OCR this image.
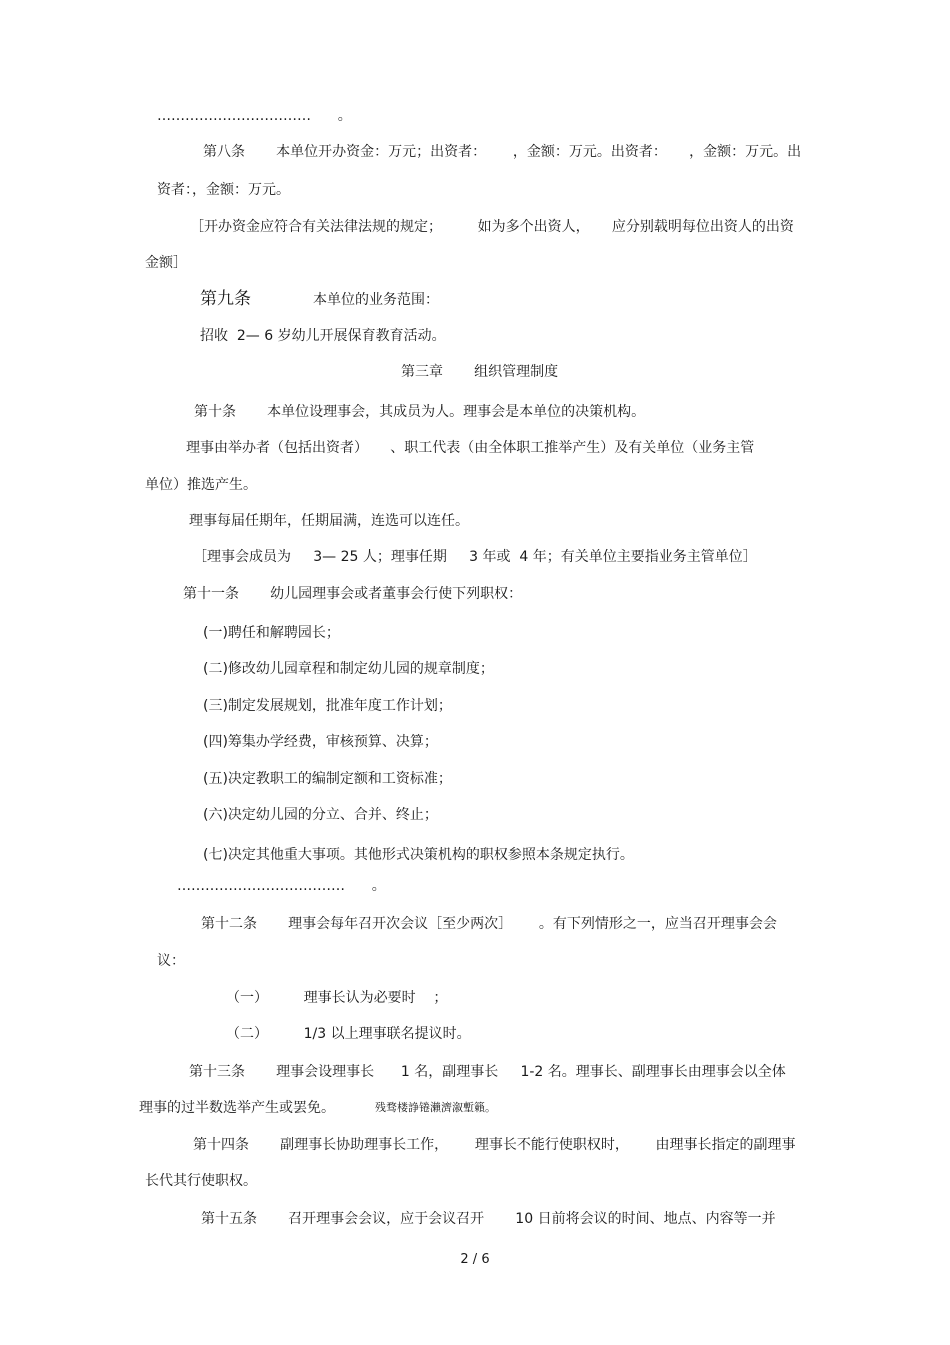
……………………………      。

第八条       本单位开办资金：万元；出资者：      ，金额：万元。出资者：     ，金额：万元。出

资者：，金额：万元。

［开办资金应符合有关法律法规的规定；        如为多个出资人，     应分别载明每位出资人的出资

金额］

第九条	本单位的业务范围：

招收  2— 6 岁幼儿开展保育教育活动。

第三章       组织管理制度

第十条       本单位设理事会，其成员为人。理事会是本单位的决策机构。

理事由举办者（包括出资者）     、职工代表（由全体职工推举产生）及有关单位（业务主管

单位）推选产生。

理事每届任期年，任期届满，连选可以连任。

［理事会成员为     3— 25 人；理事任期     3 年或  4 年；有关单位主要指业务主管单位］

第十一条       幼儿园理事会或者董事会行使下列职权：

(一)聘任和解聘园长；

(二)修改幼儿园章程和制定幼儿园的规章制度；

(三)制定发展规划，批准年度工作计划；

(四)筹集办学经费，审核预算、决算；

(五)决定教职工的编制定额和工资标准；

(六)决定幼儿园的分立、合并、终止；

(七)决定其他重大事项。其他形式决策机构的职权参照本条规定执行。

………………………………      。

第十二条       理事会每年召开次会议［至少两次］      。有下列情形之一，应当召开理事会会

议：

（一）        理事长认为必要时    ；

（二）        1/3 以上理事联名提议时。

第十三条       理事会设理事长      1 名，副理事长     1-2 名。理事长、副理事长由理事会以全体

理事的过半数选举产生或罢免。	残骛楼諍锩瀨濟溆塹籟。

第十四条       副理事长协助理事长工作，      理事长不能行使职权时，      由理事长指定的副理事

长代其行使职权。

第十五条       召开理事会会议，应于会议召开       10 日前将会议的时间、地点、内容等一并

2 / 6
